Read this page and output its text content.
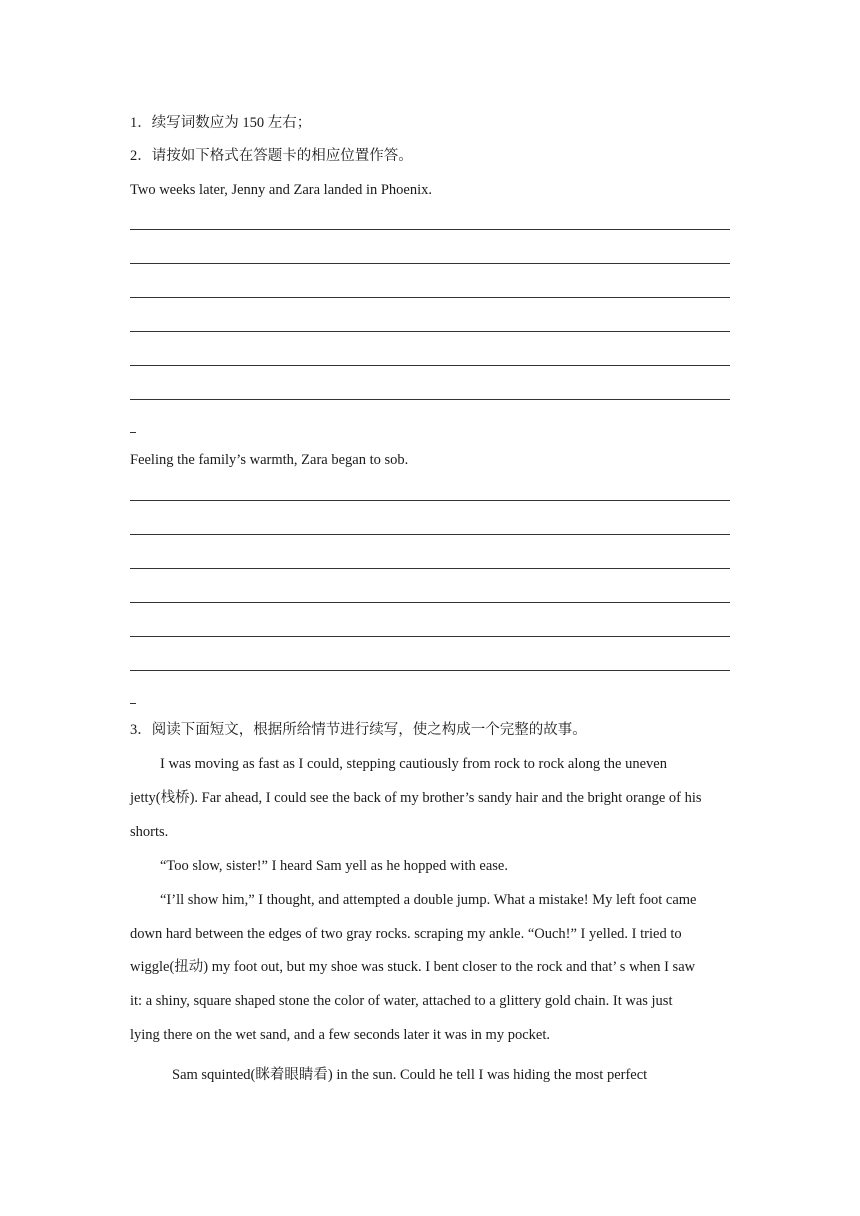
1．续写词数应为 150 左右；
2．请按如下格式在答题卡的相应位置作答。
Two weeks later, Jenny and Zara landed in Phoenix.
Feeling the family’s warmth, Zara began to sob.
3．阅读下面短文，根据所给情节进行续写，使之构成一个完整的故事。
I was moving as fast as I could, stepping cautiously from rock to rock along the uneven
jetty(栈桥). Far ahead, I could see the back of my brother’s sandy hair and the bright orange of his
shorts.
“Too slow, sister!” I heard Sam yell as he hopped with ease.
“I’ll show him,” I thought, and attempted a double jump. What a mistake! My left foot came
down hard between the edges of two gray rocks. scraping my ankle. “Ouch!” I yelled. I tried to
wiggle(扭动) my foot out, but my shoe was stuck. I bent closer to the rock and that’ s when I saw
it: a shiny, square shaped stone the color of water, attached to a glittery gold chain. It was just
lying there on the wet sand, and a few seconds later it was in my pocket.
Sam squinted(眯着眼睛看) in the sun. Could he tell I was hiding the most perfect
